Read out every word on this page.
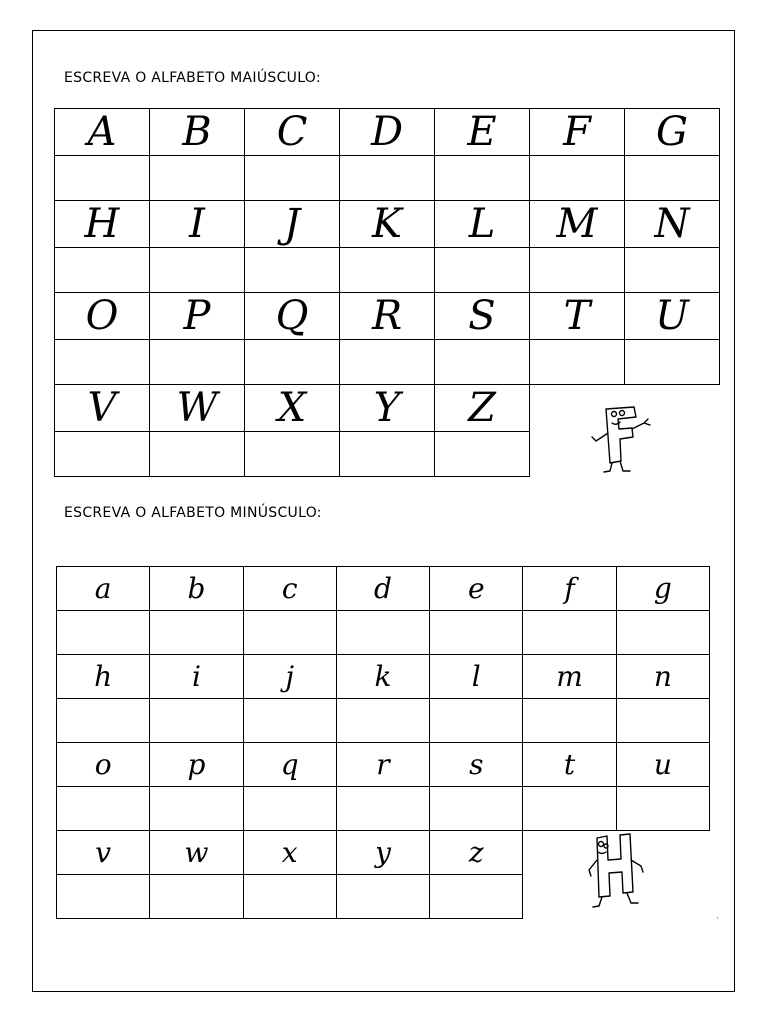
ESCREVA O ALFABETO MAIÚSCULO:
A	B	C	D	E	F	G

H	I	J	K	L	M	N

O	P	Q	R	S	T	U

V	W	X	Y	Z		

ESCREVA O ALFABETO MINÚSCULO:
a	b	c	d	e	f	g

h	i	j	k	l	m	n

o	p	q	r	s	t	u

v	w	x	y	z		

·
